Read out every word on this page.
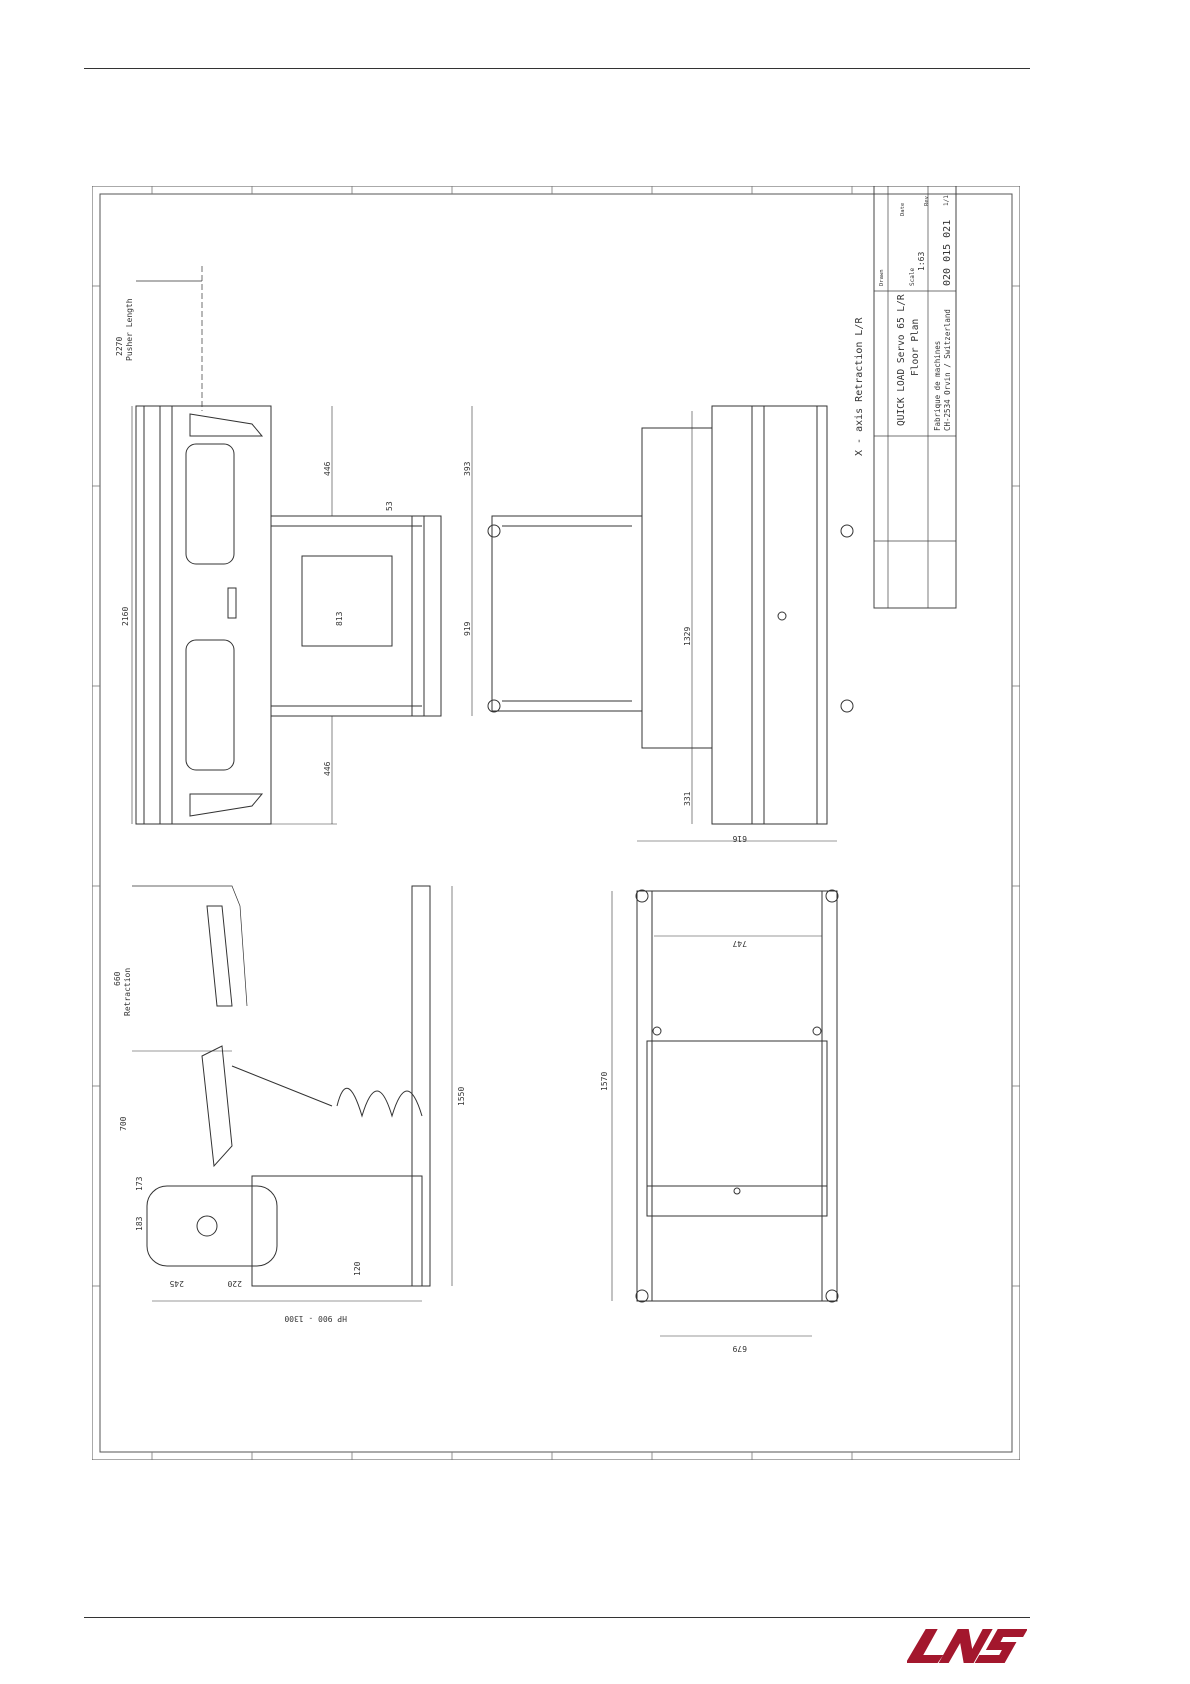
2270 Pusher Length
2160
446
446
919
813
393
53
1329
331
660 Retraction
700
173
183
1550
245	220
HP 900 - 1300
120
616
747
679
1570
X - axis Retraction L/R	QUICK LOAD Servo 65 L/R Floor Plan Fabrique de machines CH-2534 Orvin / Switzerland
020 015 021
Scale
1:63
Drawn
Date
Rev 1/1
